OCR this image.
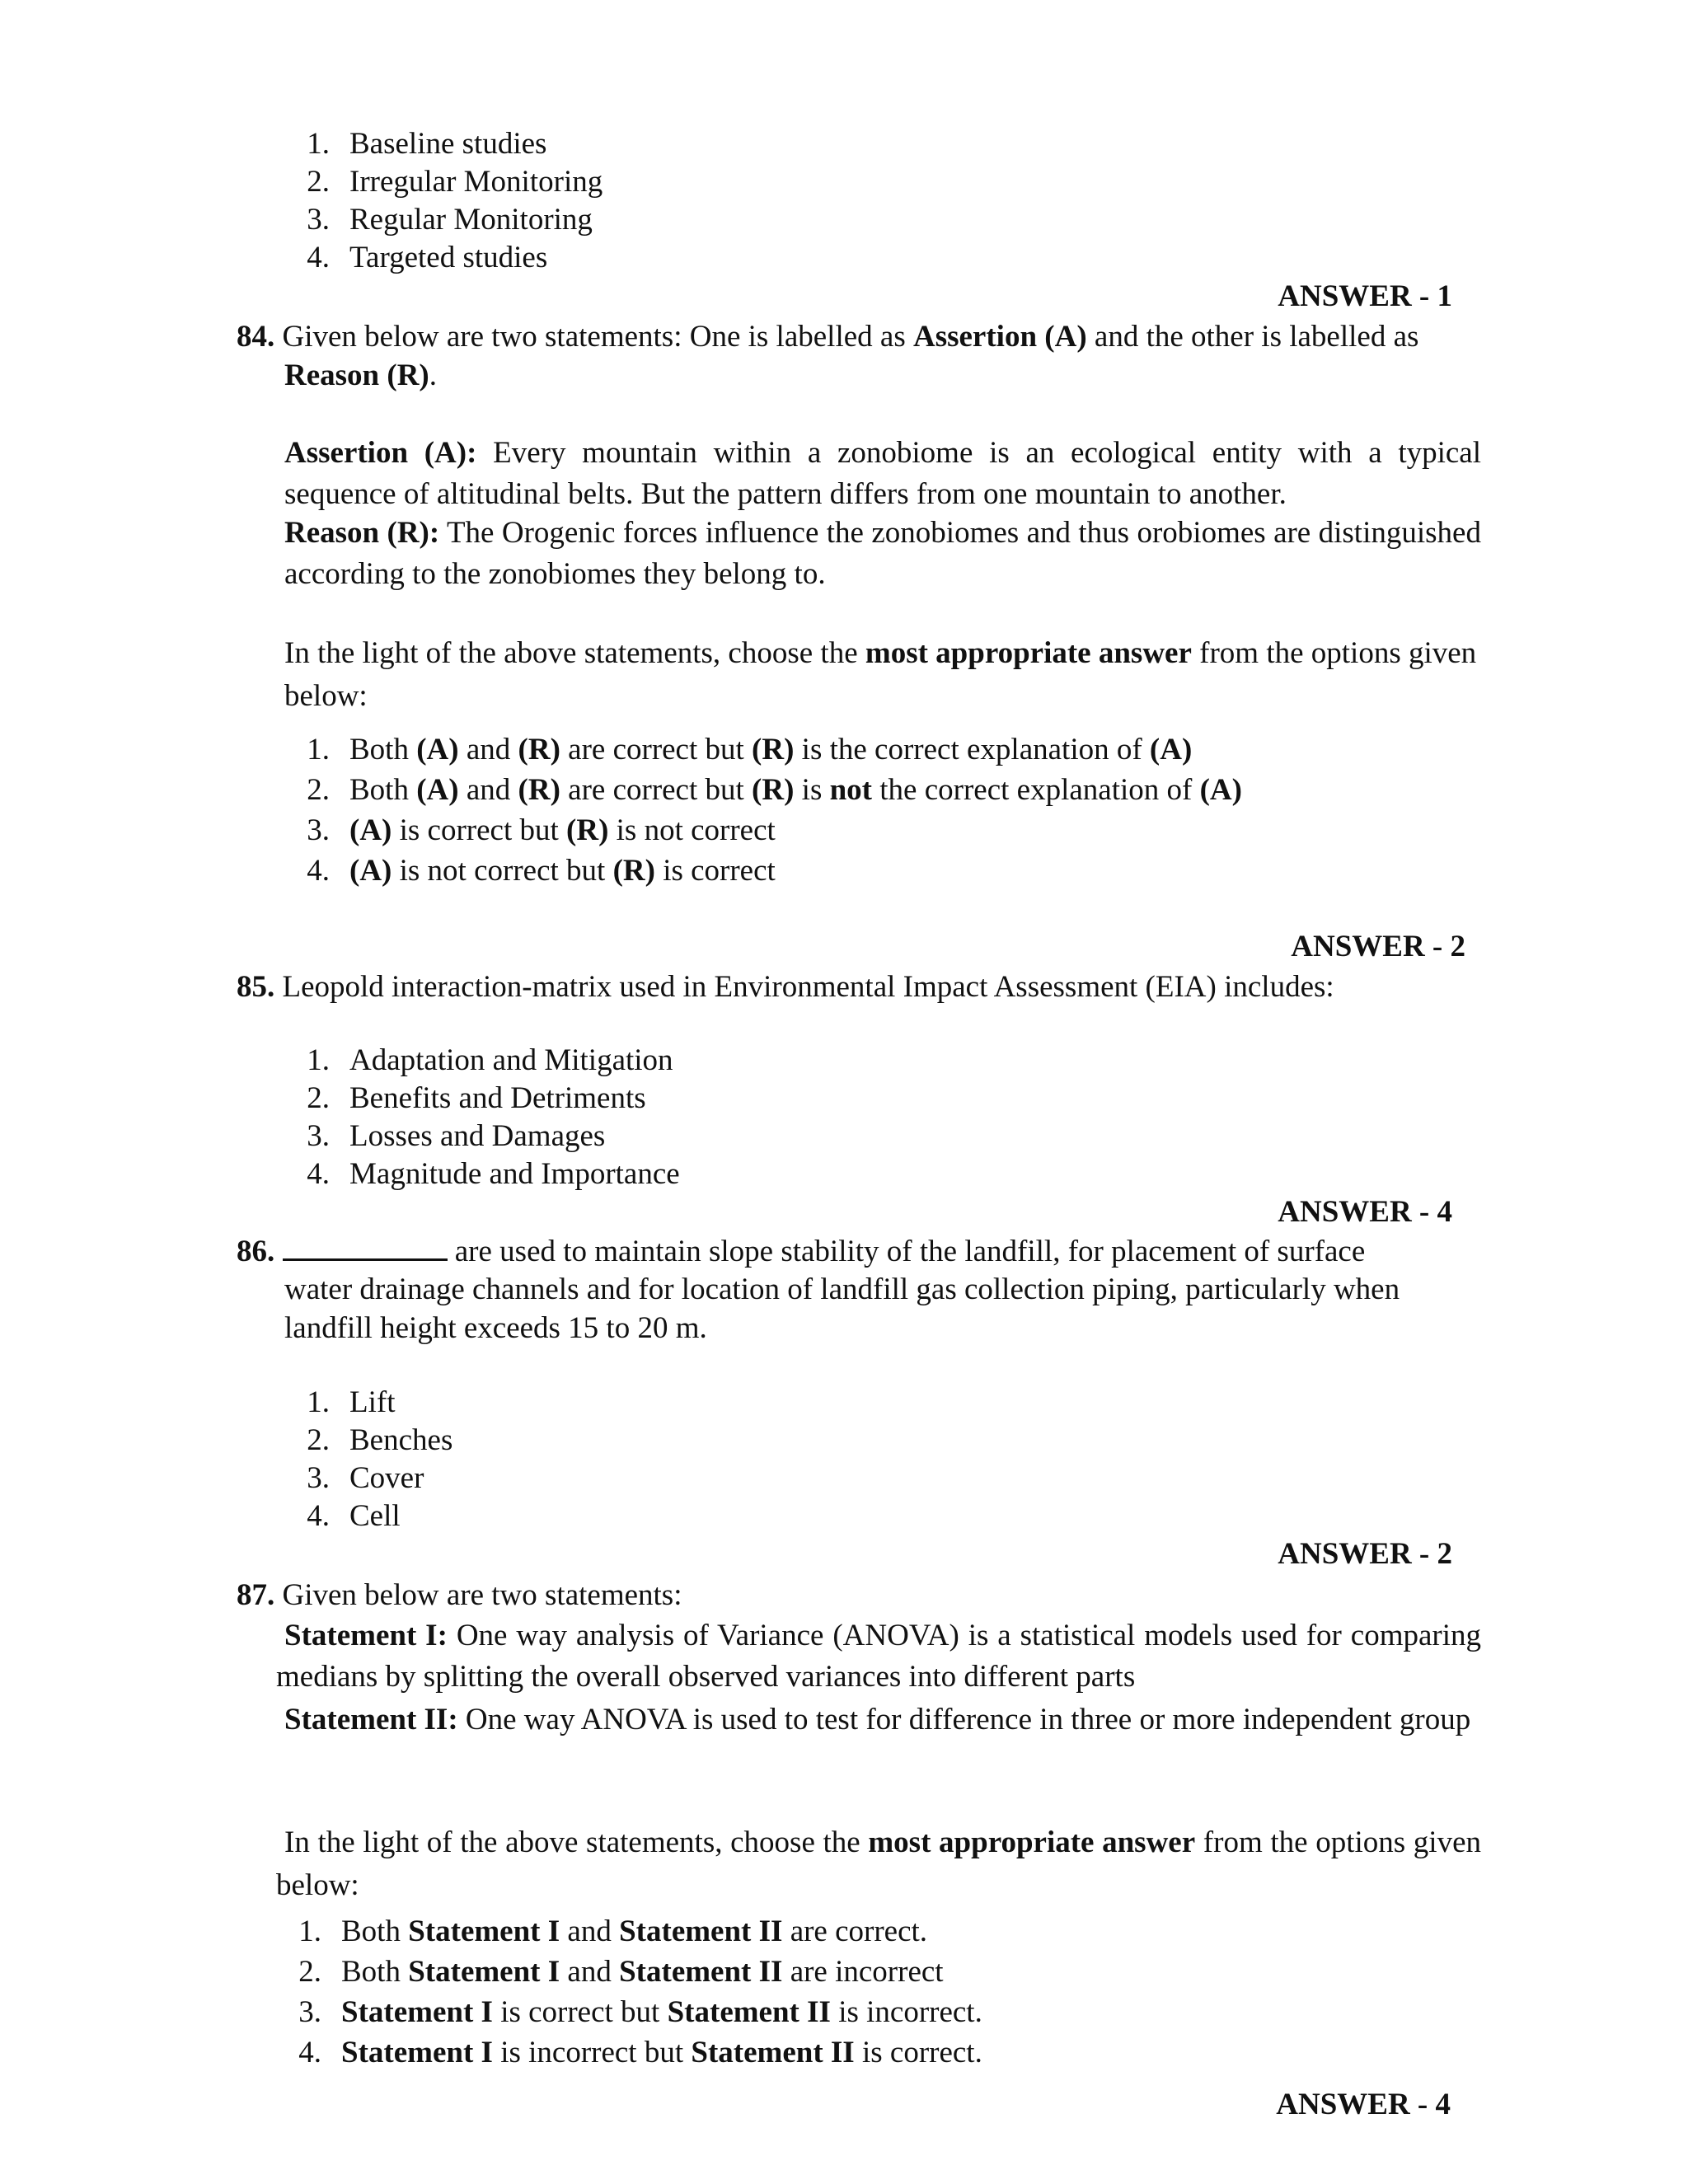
1. Baseline studies
2. Irregular Monitoring
3. Regular Monitoring
4. Targeted studies
ANSWER - 1
84. Given below are two statements: One is labelled as Assertion (A) and the other is labelled as
Reason (R).
Assertion (A): Every mountain within a zonobiome is an ecological entity with a typical sequence of altitudinal belts. But the pattern differs from one mountain to another.
Reason (R): The Orogenic forces influence the zonobiomes and thus orobiomes are distinguished according to the zonobiomes they belong to.
In the light of the above statements, choose the most appropriate answer from the options given below:
1. Both (A) and (R) are correct but (R) is the correct explanation of (A)
2. Both (A) and (R) are correct but (R) is not the correct explanation of (A)
3. (A) is correct but (R) is not correct
4. (A) is not correct but (R) is correct
ANSWER - 2
85. Leopold interaction-matrix used in Environmental Impact Assessment (EIA) includes:
1. Adaptation and Mitigation
2. Benefits and Detriments
3. Losses and Damages
4. Magnitude and Importance
ANSWER - 4
86.	are used to maintain slope stability of the landfill, for placement of surface
water drainage channels and for location of landfill gas collection piping, particularly when
landfill height exceeds 15 to 20 m.
1. Lift
2. Benches
3. Cover
4. Cell
ANSWER - 2
87. Given below are two statements:
Statement I: One way analysis of Variance (ANOVA) is a statistical models used for comparing medians by splitting the overall observed variances into different parts
Statement II: One way ANOVA is used to test for difference in three or more independent group
In the light of the above statements, choose the most appropriate answer from the options given below:
1. Both Statement I and Statement II are correct.
2. Both Statement I and Statement II are incorrect
3. Statement I is correct but Statement II is incorrect.
4. Statement I is incorrect but Statement II is correct.
ANSWER - 4
